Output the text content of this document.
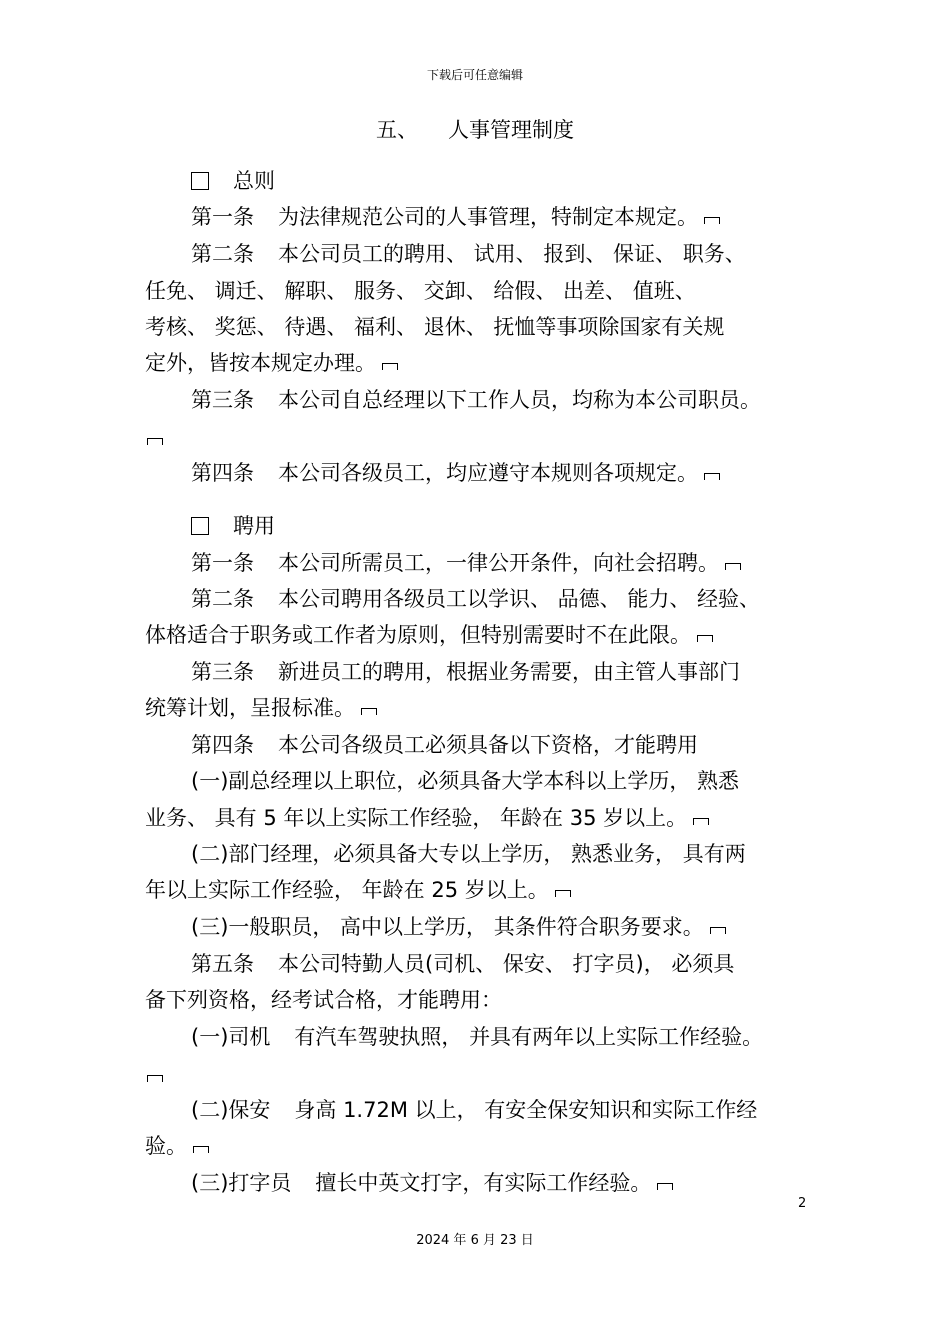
下载后可任意编辑
五、 人事管理制度
总则
第一条 为法律规范公司的人事管理，特制定本规定。
第二条 本公司员工的聘用、 试用、 报到、 保证、 职务、
任免、 调迁、 解职、 服务、 交卸、 给假、 出差、 值班、
考核、 奖惩、 待遇、 福利、 退休、 抚恤等事项除国家有关规
定外，皆按本规定办理。
第三条 本公司自总经理以下工作人员，均称为本公司职员。
第四条 本公司各级员工，均应遵守本规则各项规定。
聘用
第一条 本公司所需员工，一律公开条件，向社会招聘。
第二条 本公司聘用各级员工以学识、 品德、 能力、 经验、
体格适合于职务或工作者为原则，但特别需要时不在此限。
第三条 新进员工的聘用，根据业务需要，由主管人事部门
统筹计划，呈报标准。
第四条 本公司各级员工必须具备以下资格，才能聘用
(一)副总经理以上职位，必须具备大学本科以上学历， 熟悉
业务、 具有 5 年以上实际工作经验， 年龄在 35 岁以上。
(二)部门经理，必须具备大专以上学历， 熟悉业务， 具有两
年以上实际工作经验， 年龄在 25 岁以上。
(三)一般职员， 高中以上学历， 其条件符合职务要求。
第五条 本公司特勤人员(司机、 保安、 打字员)， 必须具
备下列资格，经考试合格，才能聘用：
(一)司机 有汽车驾驶执照， 并具有两年以上实际工作经验。
(二)保安 身高 1.72M 以上， 有安全保安知识和实际工作经
验。
(三)打字员 擅长中英文打字，有实际工作经验。
2
2024 年 6 月 23 日
